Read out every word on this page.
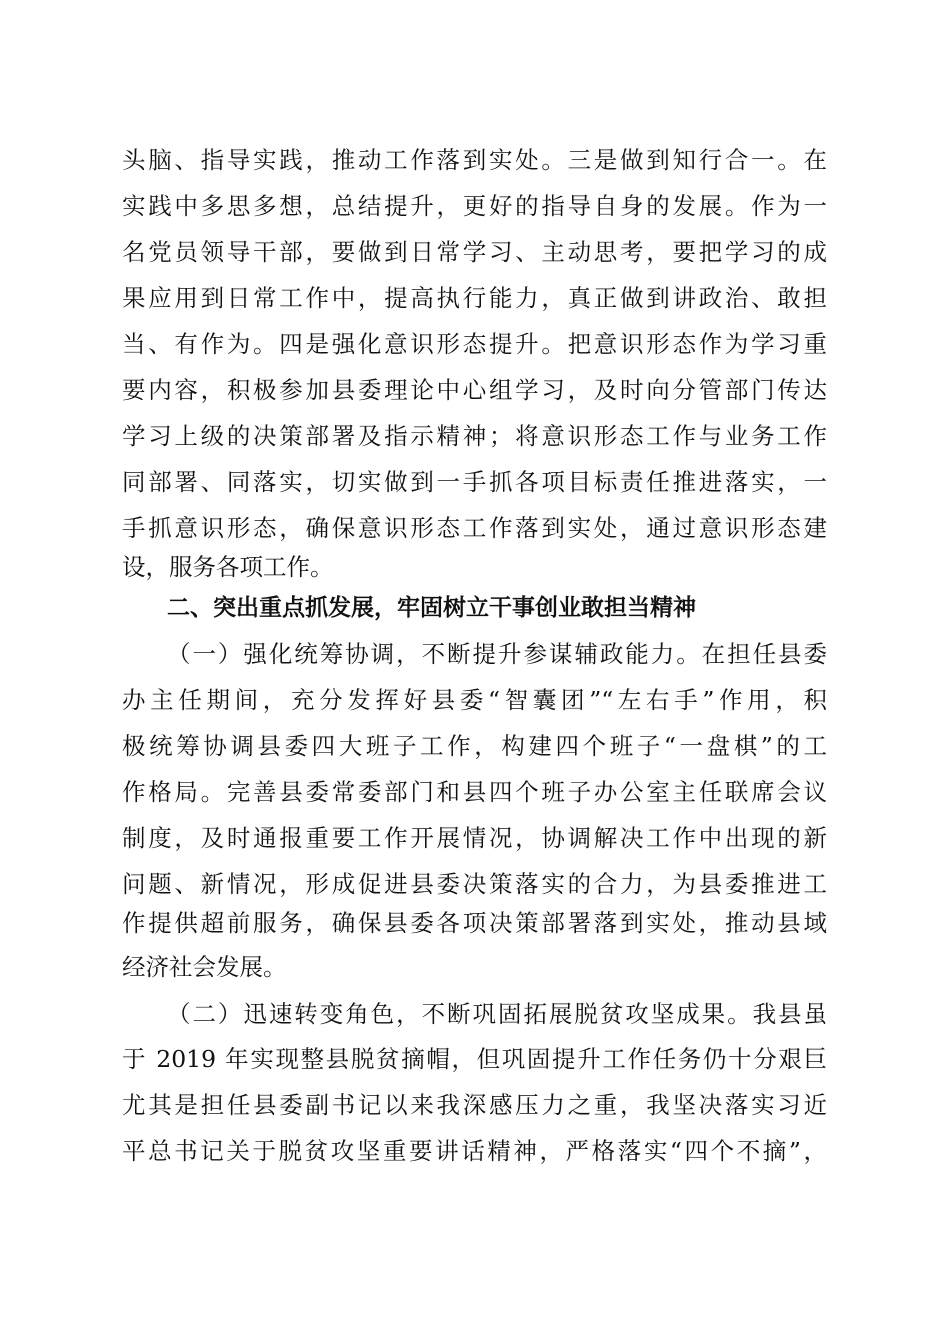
头脑、指导实践，推动工作落到实处。三是做到知行合一。在
实践中多思多想，总结提升，更好的指导自身的发展。作为一
名党员领导干部，要做到日常学习、主动思考，要把学习的成
果应用到日常工作中，提高执行能力，真正做到讲政治、敢担
当、有作为。四是强化意识形态提升。把意识形态作为学习重
要内容，积极参加县委理论中心组学习，及时向分管部门传达
学习上级的决策部署及指示精神；将意识形态工作与业务工作
同部署、同落实，切实做到一手抓各项目标责任推进落实，一
手抓意识形态，确保意识形态工作落到实处，通过意识形态建
设，服务各项工作。
二、突出重点抓发展，牢固树立干事创业敢担当精神
（一）强化统筹协调，不断提升参谋辅政能力。在担任县委
办主任期间，充分发挥好县委“智囊团”“左右手”作用，积
极统筹协调县委四大班子工作，构建四个班子“一盘棋”的工
作格局。完善县委常委部门和县四个班子办公室主任联席会议
制度，及时通报重要工作开展情况，协调解决工作中出现的新
问题、新情况，形成促进县委决策落实的合力，为县委推进工
作提供超前服务，确保县委各项决策部署落到实处，推动县域
经济社会发展。
（二）迅速转变角色，不断巩固拓展脱贫攻坚成果。我县虽
于 2019 年实现整县脱贫摘帽，但巩固提升工作任务仍十分艰巨
尤其是担任县委副书记以来我深感压力之重，我坚决落实习近
平总书记关于脱贫攻坚重要讲话精神，严格落实“四个不摘”，
